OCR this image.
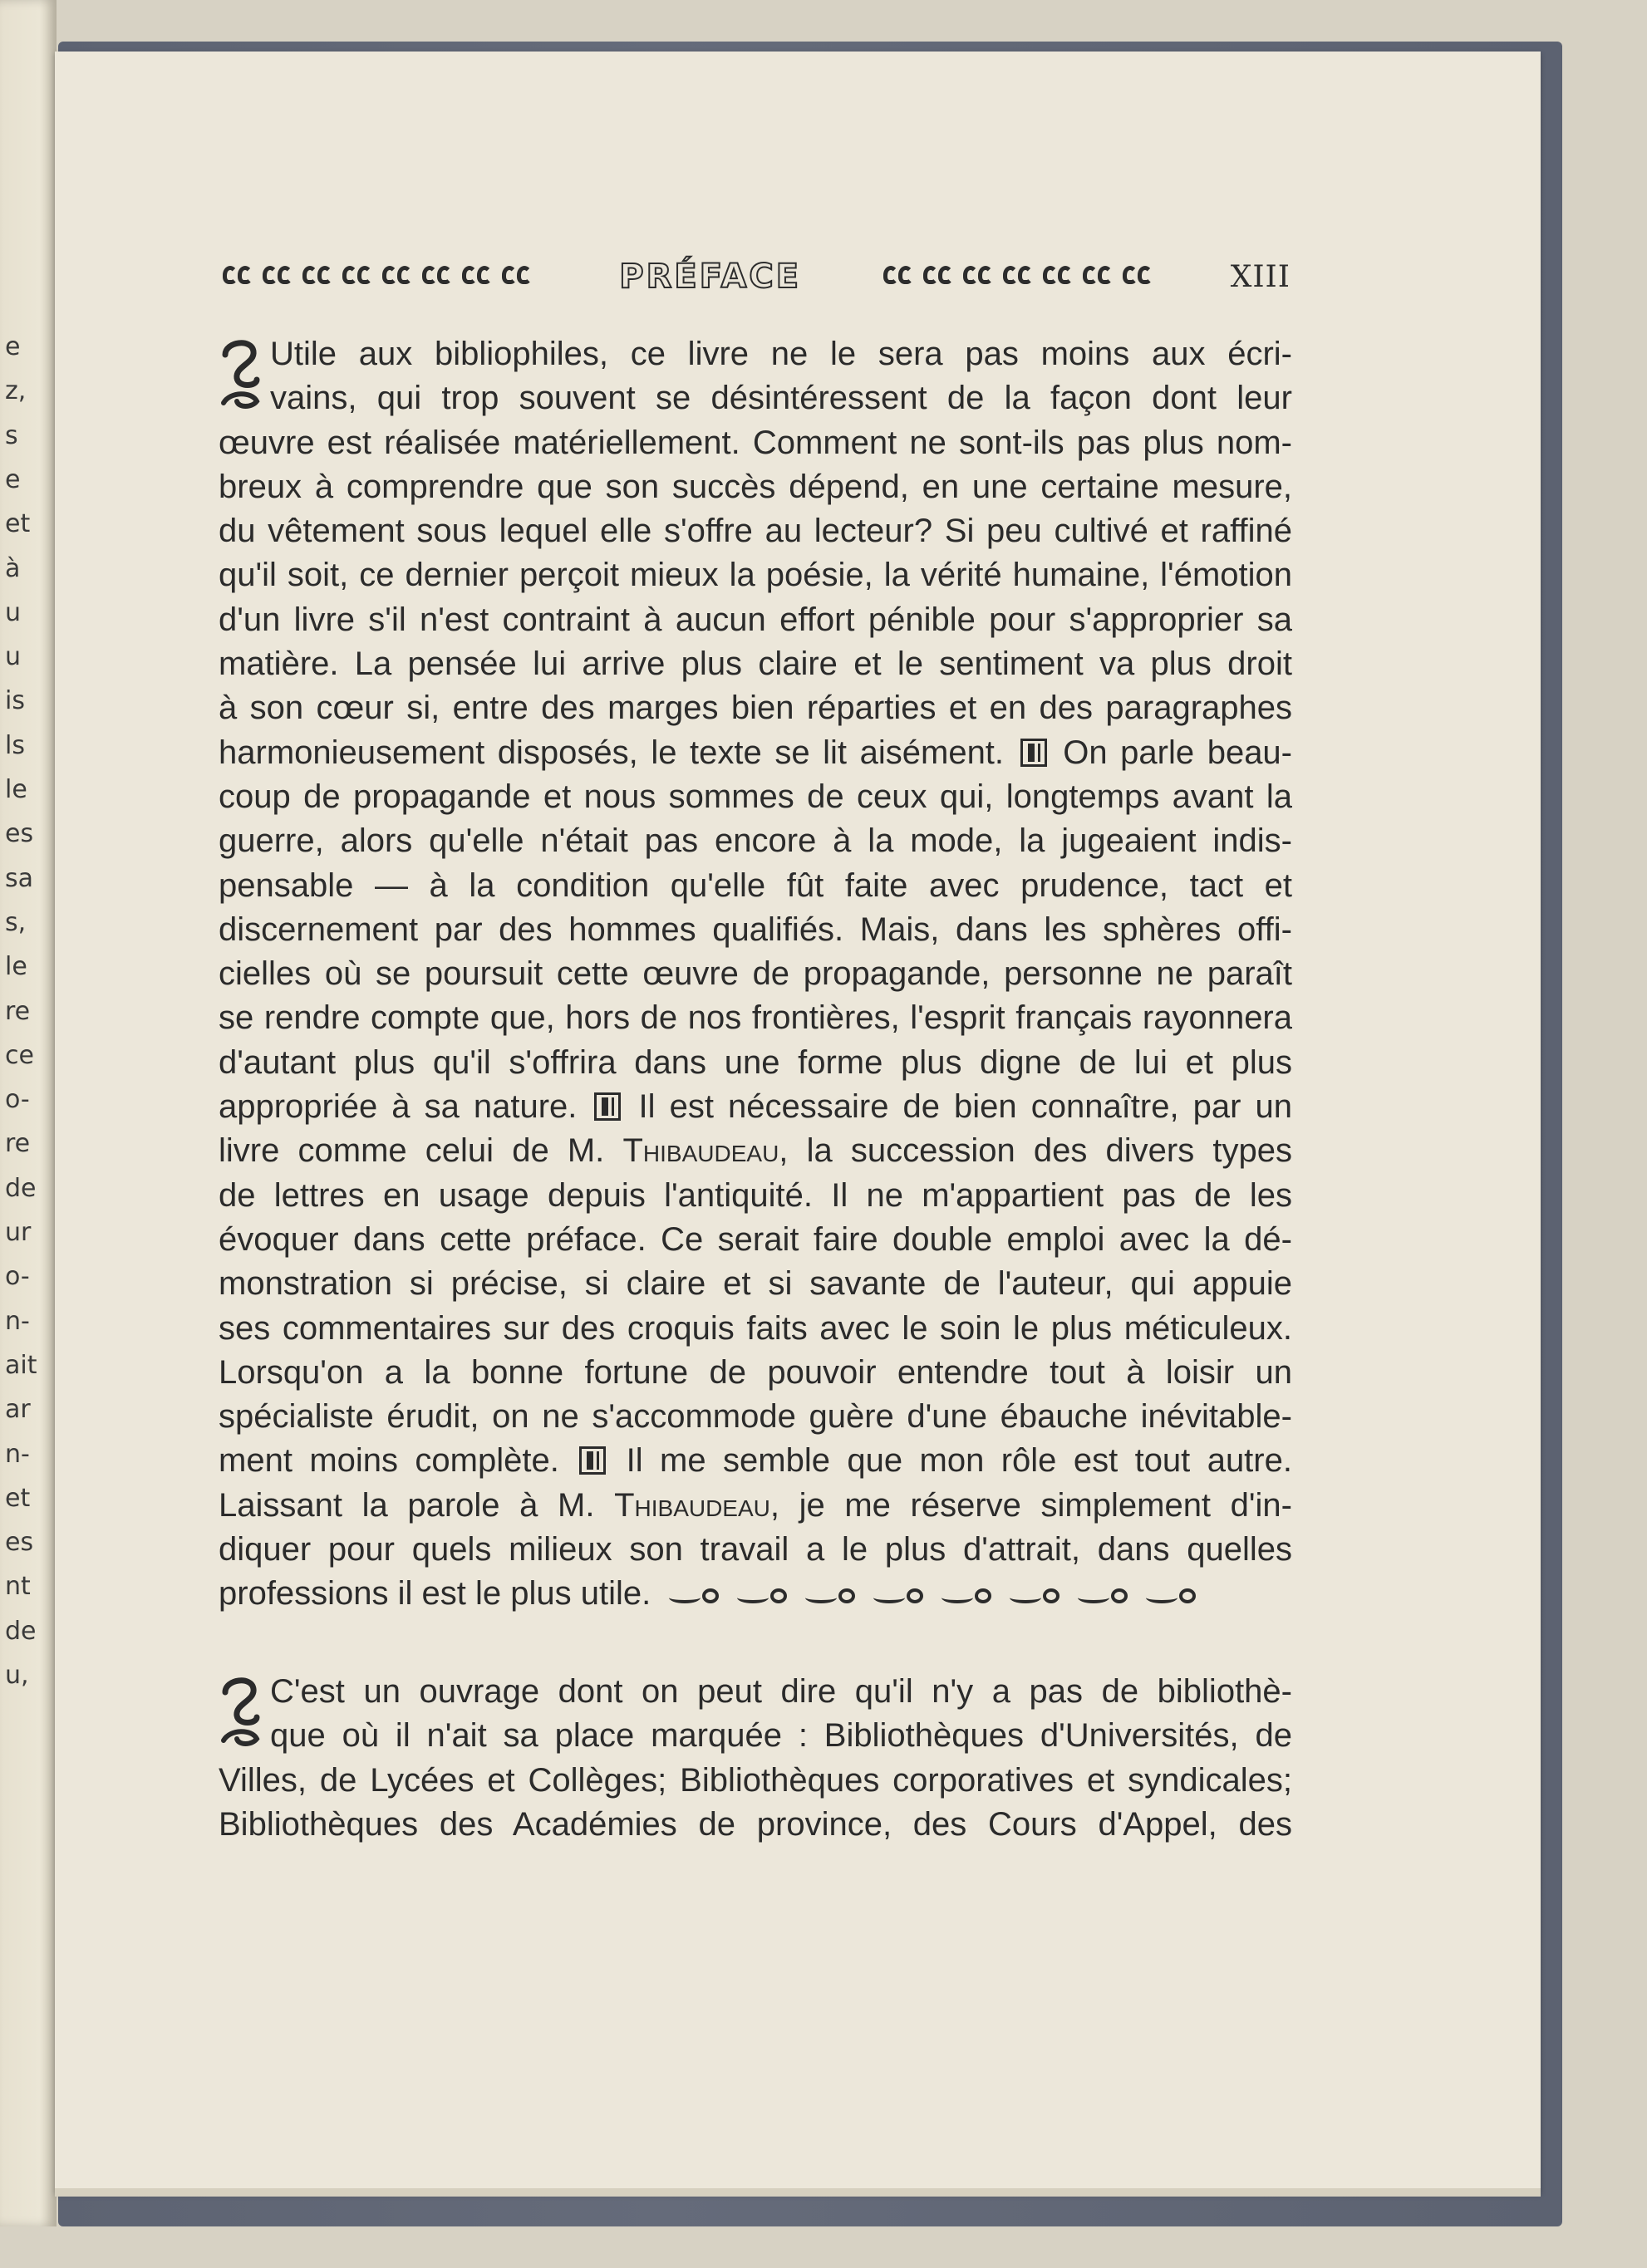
e
z,
s
e
et
à
u
u
is
ls
le
es
sa
s,
le
re
ce
o-
re
de
ur
o-
n-
ait
ar
n-
et
es
nt
de
u,
PRÉFACE	XIII
Utile aux bibliophiles, ce livre ne le sera pas moins aux écri-
vains, qui trop souvent se désintéressent de la façon dont leur
œuvre est réalisée matériellement. Comment ne sont-ils pas plus nom-
breux à comprendre que son succès dépend, en une certaine mesure,
du vêtement sous lequel elle s'offre au lecteur? Si peu cultivé et raffiné
qu'il soit, ce dernier perçoit mieux la poésie, la vérité humaine, l'émotion
d'un livre s'il n'est contraint à aucun effort pénible pour s'approprier sa
matière. La pensée lui arrive plus claire et le sentiment va plus droit
à son cœur si, entre des marges bien réparties et en des paragraphes
harmonieusement disposés, le texte se lit aisément. On parle beau-
coup de propagande et nous sommes de ceux qui, longtemps avant la
guerre, alors qu'elle n'était pas encore à la mode, la jugeaient indis-
pensable — à la condition qu'elle fût faite avec prudence, tact et
discernement par des hommes qualifiés. Mais, dans les sphères offi-
cielles où se poursuit cette œuvre de propagande, personne ne paraît
se rendre compte que, hors de nos frontières, l'esprit français rayonnera
d'autant plus qu'il s'offrira dans une forme plus digne de lui et plus
appropriée à sa nature. Il est nécessaire de bien connaître, par un
livre comme celui de M. Thibaudeau, la succession des divers types
de lettres en usage depuis l'antiquité. Il ne m'appartient pas de les
évoquer dans cette préface. Ce serait faire double emploi avec la dé-
monstration si précise, si claire et si savante de l'auteur, qui appuie
ses commentaires sur des croquis faits avec le soin le plus méticuleux.
Lorsqu'on a la bonne fortune de pouvoir entendre tout à loisir un
spécialiste érudit, on ne s'accommode guère d'une ébauche inévitable-
ment moins complète. Il me semble que mon rôle est tout autre.
Laissant la parole à M. Thibaudeau, je me réserve simplement d'in-
diquer pour quels milieux son travail a le plus d'attrait, dans quelles
professions il est le plus utile.
C'est un ouvrage dont on peut dire qu'il n'y a pas de bibliothè-
que où il n'ait sa place marquée : Bibliothèques d'Universités, de
Villes, de Lycées et Collèges; Bibliothèques corporatives et syndicales;
Bibliothèques des Académies de province, des Cours d'Appel, des
